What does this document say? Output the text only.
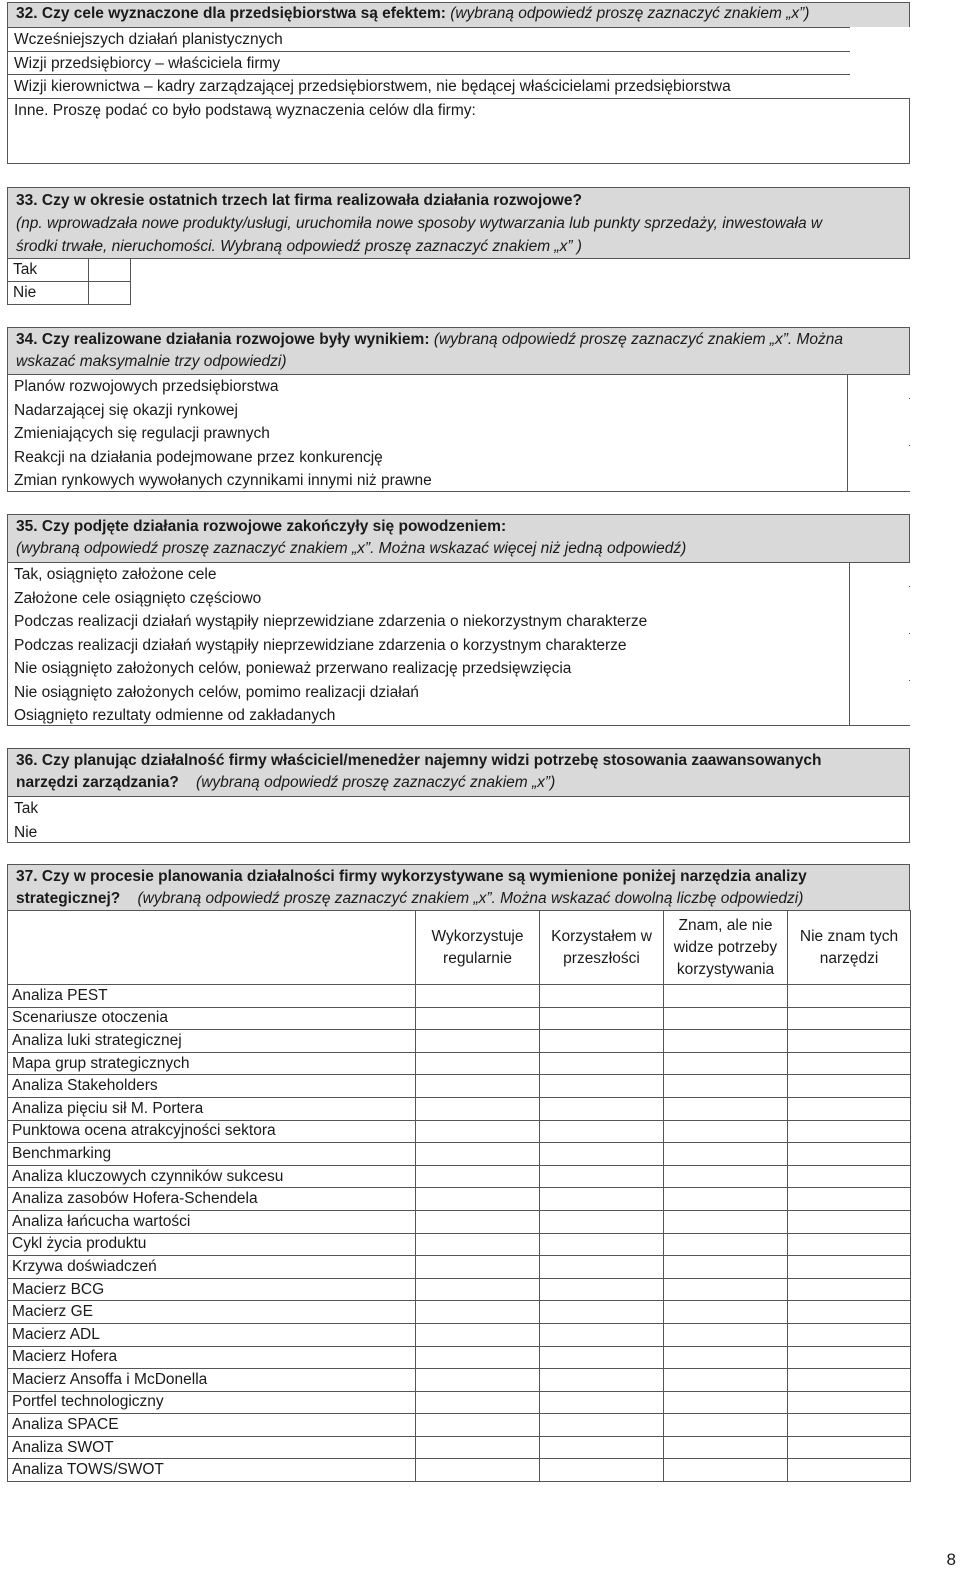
32. Czy cele wyznaczone dla przedsiębiorstwa są efektem: (wybraną odpowiedź proszę zaznaczyć znakiem „x”)
Wcześniejszych działań planistycznych
Wizji przedsiębiorcy – właściciela firmy
Wizji kierownictwa – kadry zarządzającej przedsiębiorstwem, nie będącej właścicielami przedsiębiorstwa
Inne. Proszę podać co było podstawą wyznaczenia celów dla firmy:
33. Czy w okresie ostatnich trzech lat firma realizowała działania rozwojowe?
(np. wprowadzała nowe produkty/usługi, uruchomiła nowe sposoby wytwarzania lub punkty sprzedaży, inwestowała w
środki trwałe, nieruchomości. Wybraną odpowiedź proszę zaznaczyć znakiem „x” )
Tak
Nie
34. Czy realizowane działania rozwojowe były wynikiem: (wybraną odpowiedź proszę zaznaczyć znakiem „x”. Można
wskazać maksymalnie trzy odpowiedzi)
Planów rozwojowych przedsiębiorstwa
Nadarzającej się okazji rynkowej
Zmieniających się regulacji prawnych
Reakcji na działania podejmowane przez konkurencję
Zmian rynkowych wywołanych czynnikami innymi niż prawne
35. Czy podjęte działania rozwojowe zakończyły się powodzeniem:
(wybraną odpowiedź proszę zaznaczyć znakiem „x”. Można wskazać więcej niż jedną odpowiedź)
Tak, osiągnięto założone cele
Założone cele osiągnięto częściowo
Podczas realizacji działań wystąpiły nieprzewidziane zdarzenia o niekorzystnym charakterze
Podczas realizacji działań wystąpiły nieprzewidziane zdarzenia o korzystnym charakterze
Nie osiągnięto założonych celów, ponieważ przerwano realizację przedsięwzięcia
Nie osiągnięto założonych celów, pomimo realizacji działań
Osiągnięto rezultaty odmienne od zakładanych
36. Czy planując działalność firmy właściciel/menedżer najemny widzi potrzebę stosowania zaawansowanych
narzędzi zarządzania? (wybraną odpowiedź proszę zaznaczyć znakiem „x”)
Tak
Nie
37. Czy w procesie planowania działalności firmy wykorzystywane są wymienione poniżej narzędzia analizy
strategicznej? (wybraną odpowiedź proszę zaznaczyć znakiem „x”. Można wskazać dowolną liczbę odpowiedzi)
	Wykorzystuje regularnie	Korzystałem w przeszłości	Znam, ale nie widze potrzeby korzystywania	Nie znam tych narzędzi
Analiza PEST				
Scenariusze otoczenia				
Analiza luki strategicznej				
Mapa grup strategicznych				
Analiza Stakeholders				
Analiza pięciu sił M. Portera				
Punktowa ocena atrakcyjności sektora				
Benchmarking				
Analiza kluczowych czynników sukcesu				
Analiza zasobów Hofera-Schendela				
Analiza łańcucha wartości				
Cykl życia produktu				
Krzywa doświadczeń				
Macierz BCG				
Macierz GE				
Macierz ADL				
Macierz Hofera				
Macierz Ansoffa i McDonella				
Portfel technologiczny				
Analiza SPACE				
Analiza SWOT				
Analiza TOWS/SWOT				
8
